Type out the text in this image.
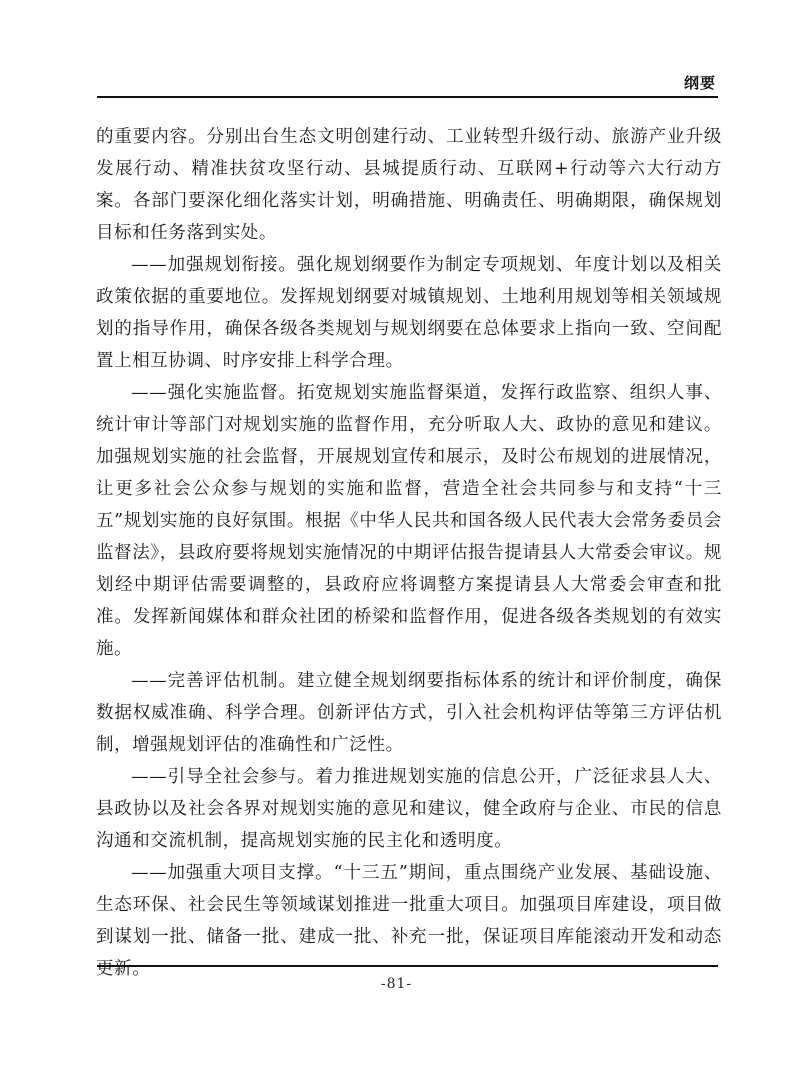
纲要

的重要内容。分别出台生态文明创建行动、工业转型升级行动、旅游产业升级发展行动、精准扶贫攻坚行动、县城提质行动、互联网+行动等六大行动方案。各部门要深化细化落实计划，明确措施、明确责任、明确期限，确保规划目标和任务落到实处。

——加强规划衔接。强化规划纲要作为制定专项规划、年度计划以及相关政策依据的重要地位。发挥规划纲要对城镇规划、土地利用规划等相关领域规划的指导作用，确保各级各类规划与规划纲要在总体要求上指向一致、空间配置上相互协调、时序安排上科学合理。

——强化实施监督。拓宽规划实施监督渠道，发挥行政监察、组织人事、统计审计等部门对规划实施的监督作用，充分听取人大、政协的意见和建议。加强规划实施的社会监督，开展规划宣传和展示，及时公布规划的进展情况，让更多社会公众参与规划的实施和监督，营造全社会共同参与和支持“十三五”规划实施的良好氛围。根据《中华人民共和国各级人民代表大会常务委员会监督法》，县政府要将规划实施情况的中期评估报告提请县人大常委会审议。规划经中期评估需要调整的，县政府应将调整方案提请县人大常委会审查和批准。发挥新闻媒体和群众社团的桥梁和监督作用，促进各级各类规划的有效实施。

——完善评估机制。建立健全规划纲要指标体系的统计和评价制度，确保数据权威准确、科学合理。创新评估方式，引入社会机构评估等第三方评估机制，增强规划评估的准确性和广泛性。

——引导全社会参与。着力推进规划实施的信息公开，广泛征求县人大、县政协以及社会各界对规划实施的意见和建议，健全政府与企业、市民的信息沟通和交流机制，提高规划实施的民主化和透明度。

——加强重大项目支撑。“十三五”期间，重点围绕产业发展、基础设施、生态环保、社会民生等领域谋划推进一批重大项目。加强项目库建设，项目做到谋划一批、储备一批、建成一批、补充一批，保证项目库能滚动开发和动态更新。

-81-
